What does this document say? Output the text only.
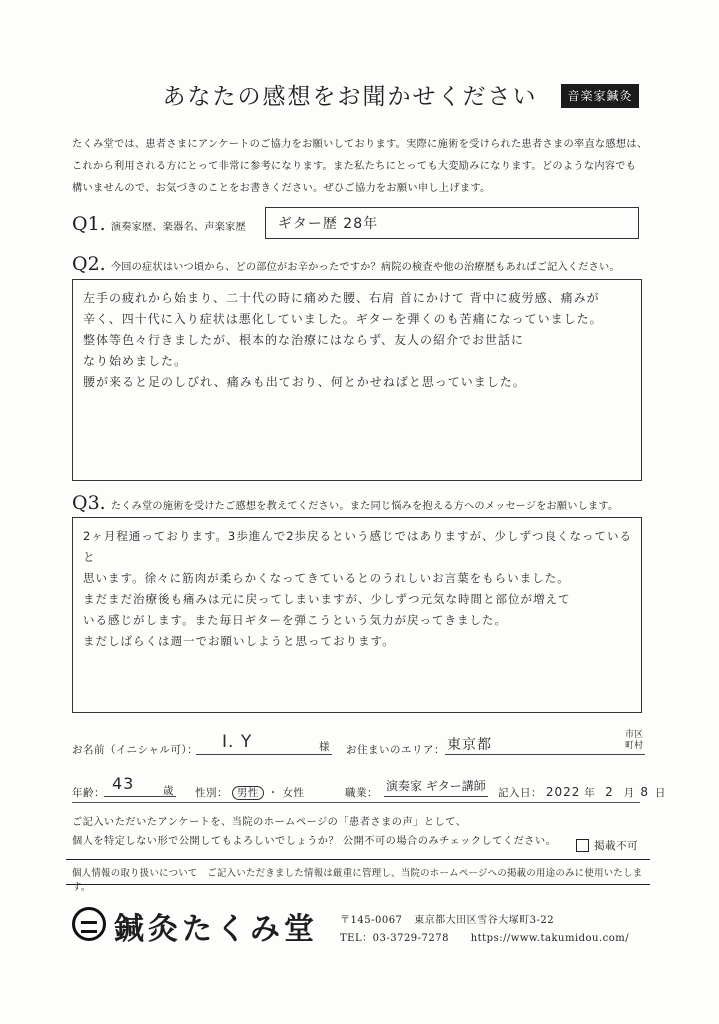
あなたの感想をお聞かせください	音楽家鍼灸
たくみ堂では、患者さまにアンケートのご協力をお願いしております。実際に施術を受けられた患者さまの率直な感想は、
これから利用される方にとって非常に参考になります。また私たちにとっても大変励みになります。どのような内容でも
構いませんので、お気づきのことをお書きください。ぜひご協力をお願い申し上げます。
Q1. 演奏家歴、楽器名、声楽家歴	ギター歴 28年
Q2. 今回の症状はいつ頃から、どの部位がお辛かったですか？病院の検査や他の治療歴もあればご記入ください。
左手の疲れから始まり、二十代の時に痛めた腰、右肩 首にかけて 背中に疲労感、痛みが
辛く、四十代に入り症状は悪化していました。ギターを弾くのも苦痛になっていました。
整体等色々行きましたが、根本的な治療にはならず、友人の紹介でお世話に
なり始めました。
腰が来ると足のしびれ、痛みも出ており、何とかせねばと思っていました。
Q3. たくみ堂の施術を受けたご感想を教えてください。また同じ悩みを抱える方へのメッセージをお願いします。
2ヶ月程通っております。3歩進んで2歩戻るという感じではありますが、少しずつ良くなっていると
思います。徐々に筋肉が柔らかくなってきているとのうれしいお言葉をもらいました。
まだまだ治療後も痛みは元に戻ってしまいますが、少しずつ元気な時間と部位が増えて
いる感じがします。また毎日ギターを弾こうという気力が戻ってきました。
まだしばらくは週一でお願いしようと思っております。
お名前（イニシャル可）： I. Y	様 お住まいのエリア： 東京都
市区
町村
年齢： 43	歳 性別： 男性 ・ 女性	職業： 演奏家 ギター講師 記入日： 2022 年 2 月 8 日
ご記入いただいたアンケートを、当院のホームページの「患者さまの声」として、
個人を特定しない形で公開してもよろしいでしょうか？ 公開不可の場合のみチェックしてください。	掲載不可
個人情報の取り扱いについて　ご記入いただきました情報は厳重に管理し、当院のホームページへの掲載の用途のみに使用いたします。
鍼灸たくみ堂 〒145-0067 東京都大田区雪谷大塚町3-22
TEL：03-3729-7278 https://www.takumidou.com/
